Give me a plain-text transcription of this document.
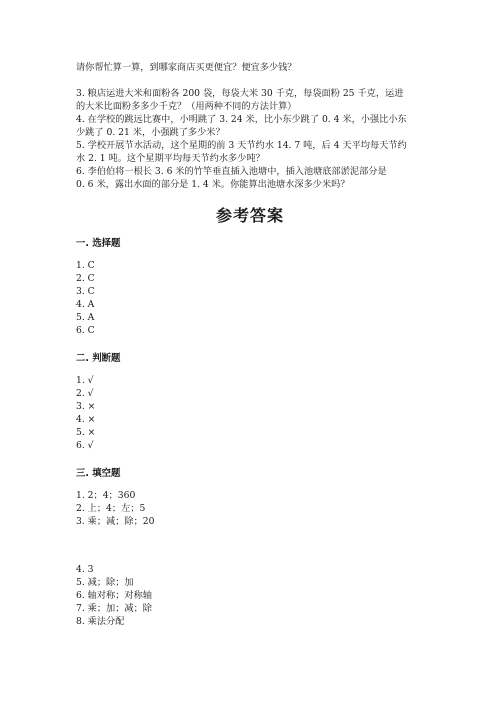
请你帮忙算一算，到哪家商店买更便宜？便宜多少钱？
3. 粮店运进大米和面粉各 200 袋，每袋大米 30 千克，每袋面粉 25 千克，运进
的大米比面粉多多少千克？（用两种不同的方法计算）
4. 在学校的跳远比赛中，小明跳了 3. 24 米，比小东少跳了 0. 4 米，小强比小东
少跳了 0. 21 米，小强跳了多少米？
5. 学校开展节水活动，这个星期的前 3 天节约水 14. 7 吨，后 4 天平均每天节约
水 2. 1 吨。这个星期平均每天节约水多少吨？
6. 李伯伯将一根长 3. 6 米的竹竿垂直插入池塘中，插入池塘底部淤泥部分是
0. 6 米，露出水面的部分是 1. 4 米。你能算出池塘水深多少米吗？
参考答案
一. 选择题
1. C
2. C
3. C
4. A
5. A
6. C
二. 判断题
1. √
2. √
3. ×
4. ×
5. ×
6. √
三. 填空题
1. 2；4；360
2. 上；4；左；5
3. 乘；减；除；20
4. 3
5. 减；除；加
6. 轴对称；对称轴
7. 乘；加；减；除
8. 乘法分配
